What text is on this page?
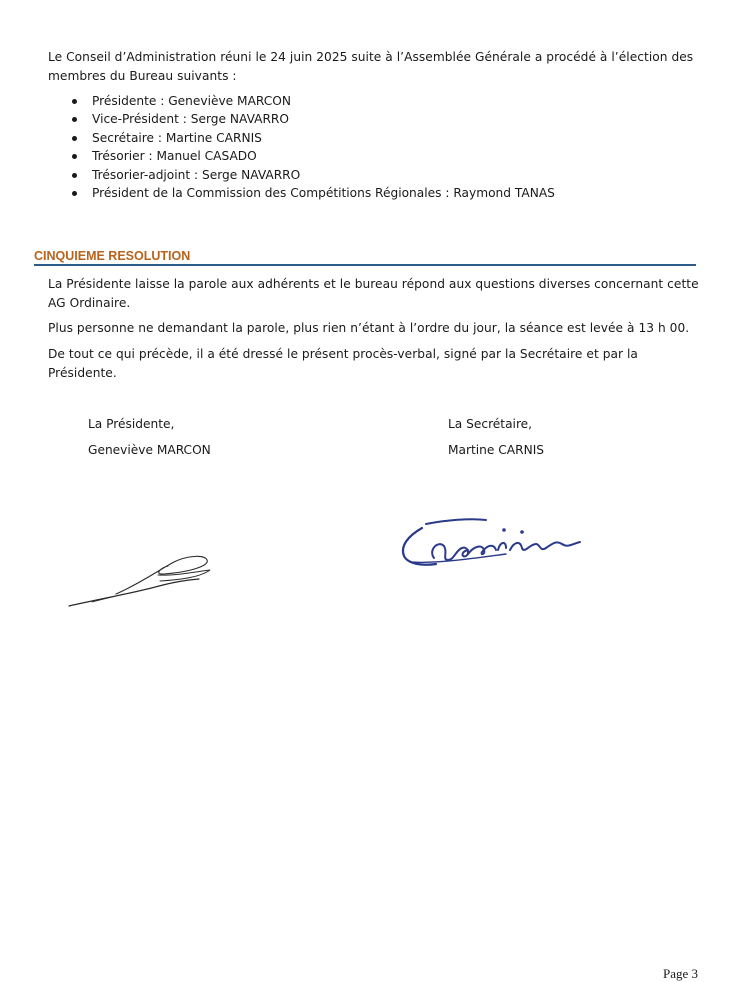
Le Conseil d’Administration réuni le 24 juin 2025 suite à l’Assemblée Générale a procédé à l’élection des membres du Bureau suivants :
Présidente : Geneviève MARCON
Vice-Président : Serge NAVARRO
Secrétaire : Martine CARNIS
Trésorier : Manuel CASADO
Trésorier-adjoint : Serge NAVARRO
Président de la Commission des Compétitions Régionales : Raymond TANAS
CINQUIEME RESOLUTION
La Présidente laisse la parole aux adhérents et le bureau répond aux questions diverses concernant cette AG Ordinaire.
Plus personne ne demandant la parole, plus rien n’étant à l’ordre du jour, la séance est levée à 13 h 00.
De tout ce qui précède, il a été dressé le présent procès-verbal, signé par la Secrétaire et par la Présidente.
La Présidente,
Geneviève MARCON
La Secrétaire,
Martine CARNIS
Page 3
